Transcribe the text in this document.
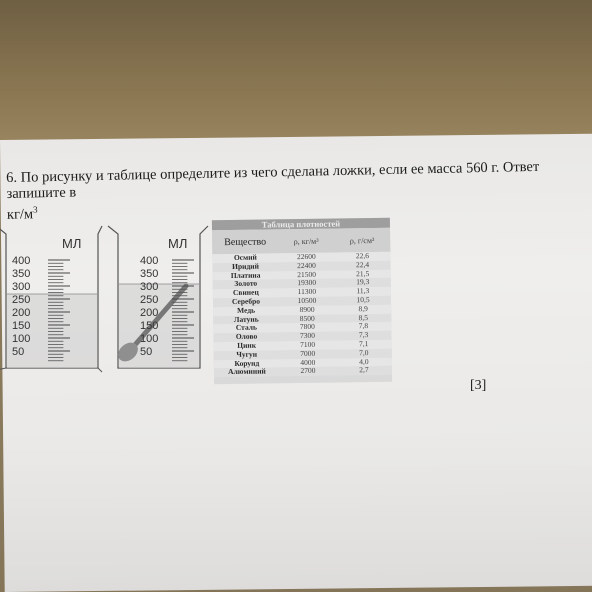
6. По рисунку и таблице определите из чего сделана ложки, если ее масса 560 г. Ответ запишите в
$кг/м^3$
МЛ
400
350
300
250
200
150
100
50
МЛ
400
350
300
250
200
150
100
50
Таблица плотностей
Вещество	ρ, кг/м³	ρ, г/см³
Осмий	22600	22,6
Иридий	22400	22,4
Платина	21500	21,5
Золото	19300	19,3
Свинец	11300	11,3
Серебро	10500	10,5
Медь	8900	8,9
Латунь	8500	8,5
Сталь	7800	7,8
Олово	7300	7,3
Цинк	7100	7,1
Чугун	7000	7,0
Корунд	4000	4,0
Алюминий	2700	2,7
[3]
